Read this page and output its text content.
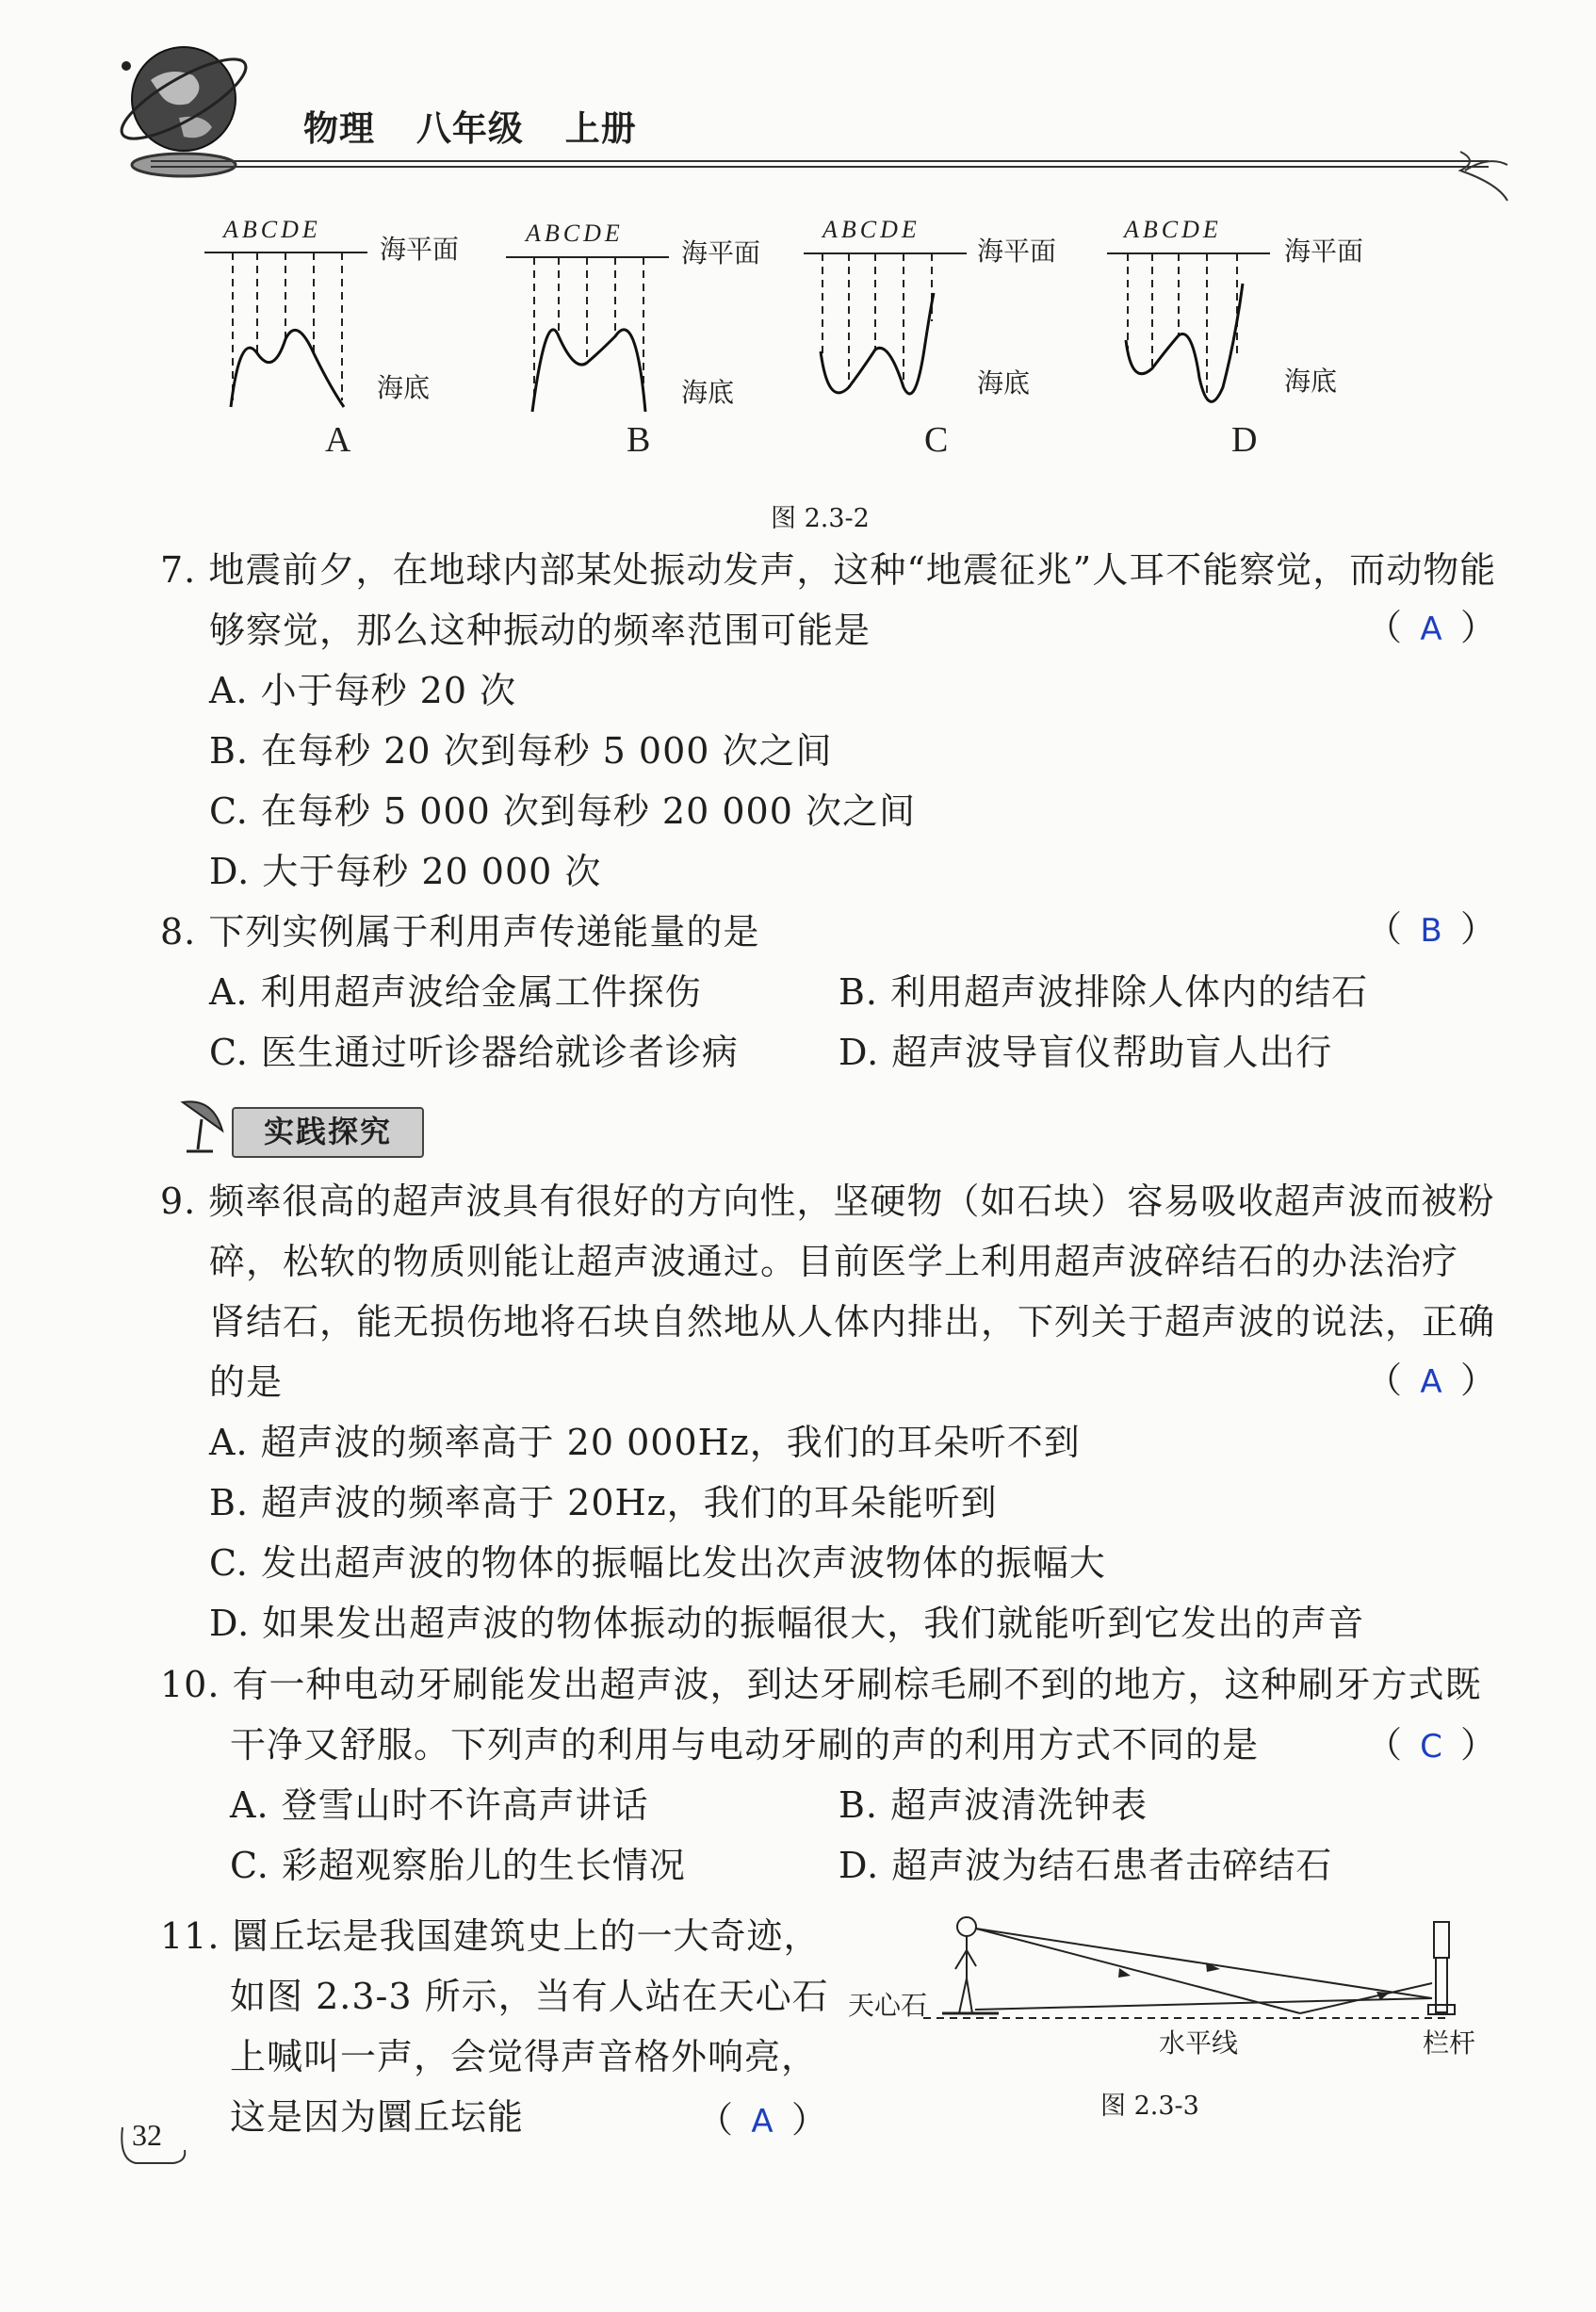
物理 八年级 上册
ABCDE
海平面
海底
A
ABCDE
海平面
海底
B
ABCDE
海平面
海底
C
ABCDE
海平面
海底
D
图 2.3-2
7. 地震前夕，在地球内部某处振动发声，这种“地震征兆”人耳不能察觉，而动物能
够察觉，那么这种振动的频率范围可能是	（ A ）
A. 小于每秒 20 次
B. 在每秒 20 次到每秒 5 000 次之间
C. 在每秒 5 000 次到每秒 20 000 次之间
D. 大于每秒 20 000 次
8. 下列实例属于利用声传递能量的是	（ B ）
A. 利用超声波给金属工件探伤	B. 利用超声波排除人体内的结石
C. 医生通过听诊器给就诊者诊病	D. 超声波导盲仪帮助盲人出行
实践探究
9. 频率很高的超声波具有很好的方向性，坚硬物（如石块）容易吸收超声波而被粉
碎，松软的物质则能让超声波通过。目前医学上利用超声波碎结石的办法治疗
肾结石，能无损伤地将石块自然地从人体内排出，下列关于超声波的说法，正确
的是	（ A ）
A. 超声波的频率高于 20 000Hz，我们的耳朵听不到
B. 超声波的频率高于 20Hz，我们的耳朵能听到
C. 发出超声波的物体的振幅比发出次声波物体的振幅大
D. 如果发出超声波的物体振动的振幅很大，我们就能听到它发出的声音
10. 有一种电动牙刷能发出超声波，到达牙刷棕毛刷不到的地方，这种刷牙方式既
干净又舒服。下列声的利用与电动牙刷的声的利用方式不同的是	（ C ）
A. 登雪山时不许高声讲话	B. 超声波清洗钟表
C. 彩超观察胎儿的生长情况	D. 超声波为结石患者击碎结石
11. 圜丘坛是我国建筑史上的一大奇迹，
如图 2.3-3 所示，当有人站在天心石
上喊叫一声，会觉得声音格外响亮，
这是因为圜丘坛能	（ A ）
天心石
水平线	栏杆
图 2.3-3
32
